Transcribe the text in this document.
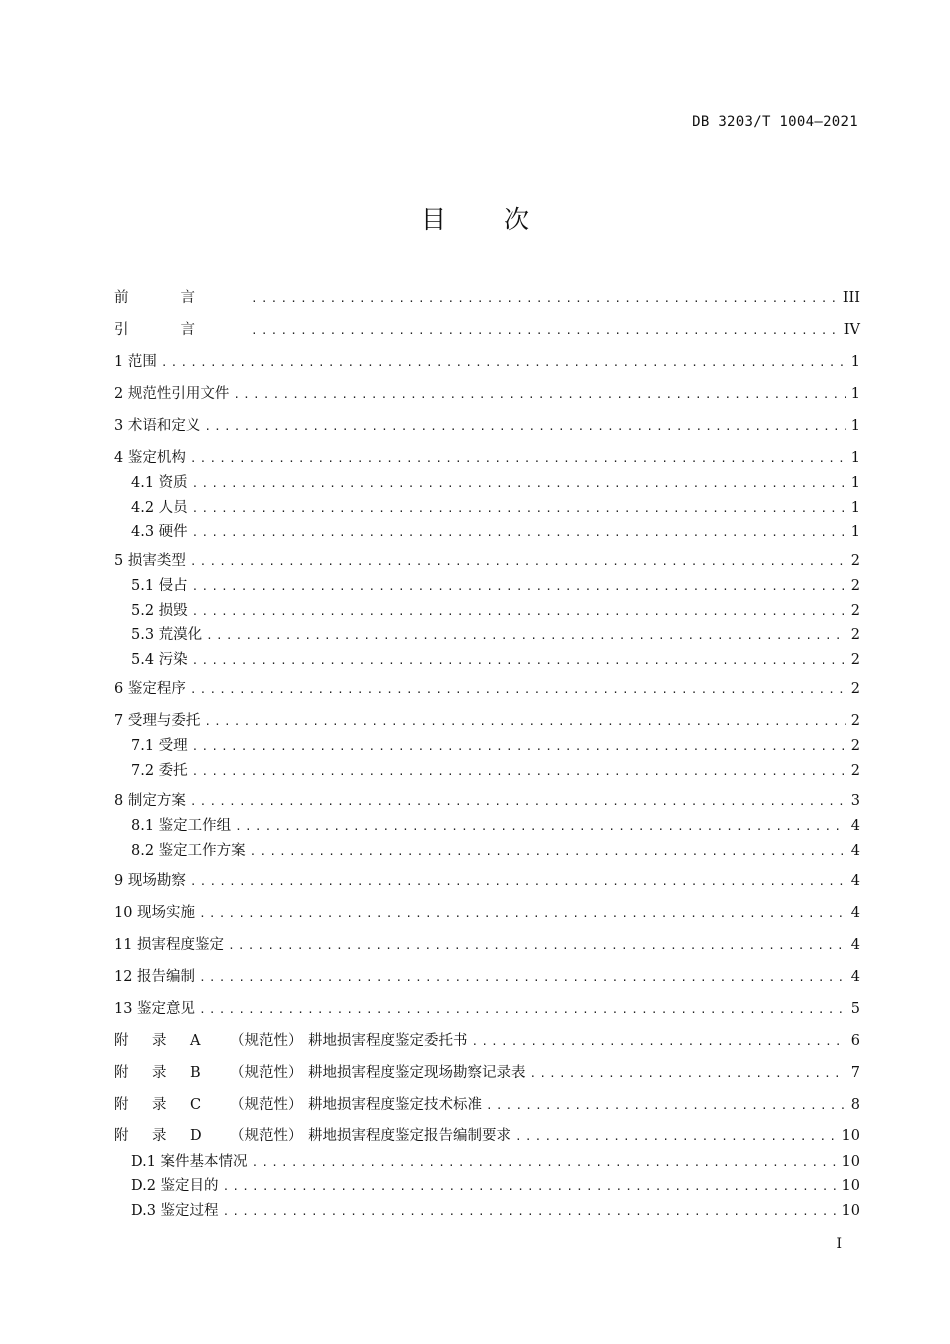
DB 3203/T 1004—2021
目次
前言 .....	III
引言 .....	IV
1 范围 .....	1
2 规范性引用文件 .....	1
3 术语和定义 .....	1
4 鉴定机构 .....	1
4.1 资质 .....	1
4.2 人员 .....	1
4.3 硬件 .....	1
5 损害类型 .....	2
5.1 侵占 .....	2
5.2 损毁 .....	2
5.3 荒漠化 .....	2
5.4 污染 .....	2
6 鉴定程序 .....	2
7 受理与委托 .....	2
7.1 受理 .....	2
7.2 委托 .....	2
8 制定方案 .....	3
8.1 鉴定工作组 .....	4
8.2 鉴定工作方案 .....	4
9 现场勘察 .....	4
10 现场实施 .....	4
11 损害程度鉴定 .....	4
12 报告编制 .....	4
13 鉴定意见 .....	5
附 录 A （规范性） 耕地损害程度鉴定委托书 .....	6
附 录 B （规范性） 耕地损害程度鉴定现场勘察记录表 .....	7
附 录 C （规范性） 耕地损害程度鉴定技术标准 .....	8
附 录 D （规范性） 耕地损害程度鉴定报告编制要求 .....	10
D.1 案件基本情况 .....	10
D.2 鉴定目的 .....	10
D.3 鉴定过程 .....	10
I
